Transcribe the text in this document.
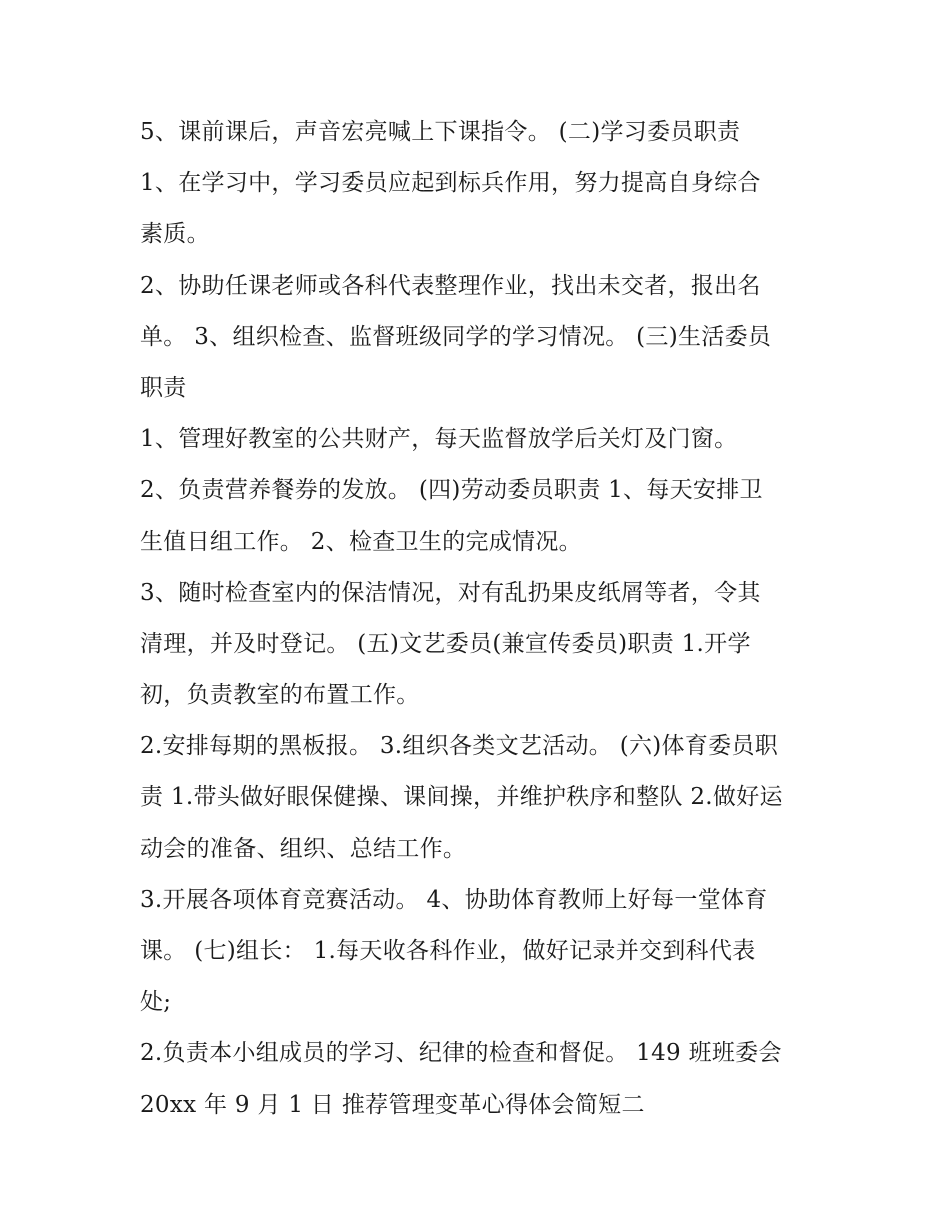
5、课前课后，声音宏亮喊上下课指令。 (二)学习委员职责
1、在学习中，学习委员应起到标兵作用，努力提高自身综合
素质。
2、协助任课老师或各科代表整理作业，找出未交者，报出名
单。 3、组织检查、监督班级同学的学习情况。 (三)生活委员
职责
1、管理好教室的公共财产，每天监督放学后关灯及门窗。
2、负责营养餐券的发放。 (四)劳动委员职责 1、每天安排卫
生值日组工作。 2、检查卫生的完成情况。
3、随时检查室内的保洁情况，对有乱扔果皮纸屑等者，令其
清理，并及时登记。 (五)文艺委员(兼宣传委员)职责 1.开学
初，负责教室的布置工作。
2.安排每期的黑板报。 3.组织各类文艺活动。 (六)体育委员职
责 1.带头做好眼保健操、课间操，并维护秩序和整队 2.做好运
动会的准备、组织、总结工作。
3.开展各项体育竞赛活动。 4、协助体育教师上好每一堂体育
课。 (七)组长： 1.每天收各科作业，做好记录并交到科代表
处;
2.负责本小组成员的学习、纪律的检查和督促。 149 班班委会
20xx 年 9 月 1 日 推荐管理变革心得体会简短二
